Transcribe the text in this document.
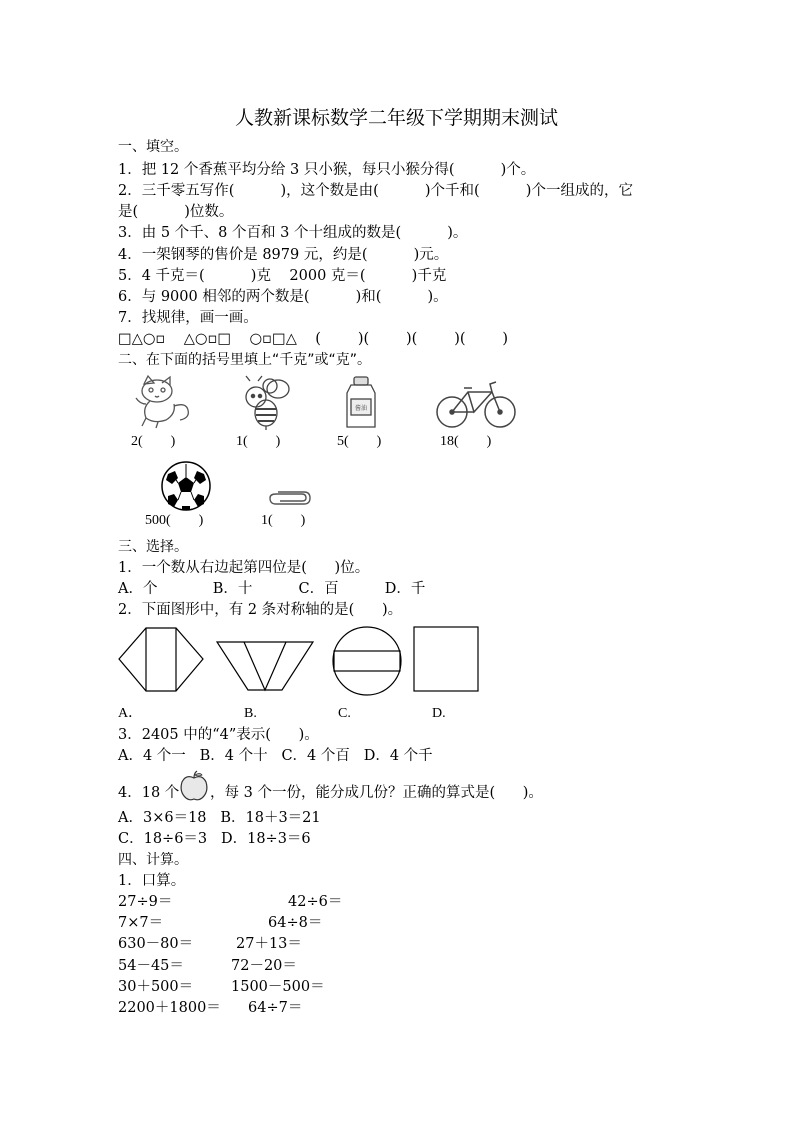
人教新课标数学二年级下学期期末测试
一、填空。
1．把 12 个香蕉平均分给 3 只小猴，每只小猴分得(          )个。
2．三千零五写作(          )，这个数是由(          )个千和(          )个一组成的，它
是(          )位数。
3．由 5 个千、8 个百和 3 个十组成的数是(          )。
4．一架钢琴的售价是 8979 元，约是(          )元。
5．4 千克＝(          )克    2000 克＝(          )千克
6．与 9000 相邻的两个数是(          )和(          )。
7．找规律，画一画。
□△○▫    △○▫□    ○▫□△    (        )(        )(        )(        )
二、在下面的括号里填上“千克”或“克”。
2(        )	1(        )
酱油
5(        )	18(        )
500(        )	1(        )
三、选择。
1．一个数从右边起第四位是(      )位。
A．个            B．十          C．百          D．千
2．下面图形中，有 2 条对称轴的是(      )。
A．	B.	C.	D.
3．2405 中的“4”表示(      )。
A．4 个一   B．4 个十   C．4 个百   D．4 个千
4．18 个 ，每 3 个一份，能分成几份？正确的算式是(      )。
A．3×6＝18   B．18＋3＝21
C．18÷6＝3   D．18÷3＝6
四、计算。
1．口算。
27÷9＝	42÷6＝
7×7＝	64÷8＝
630－80＝	27＋13＝
54－45＝	72－20＝
30＋500＝	1500－500＝
2200＋1800＝ 64÷7＝
